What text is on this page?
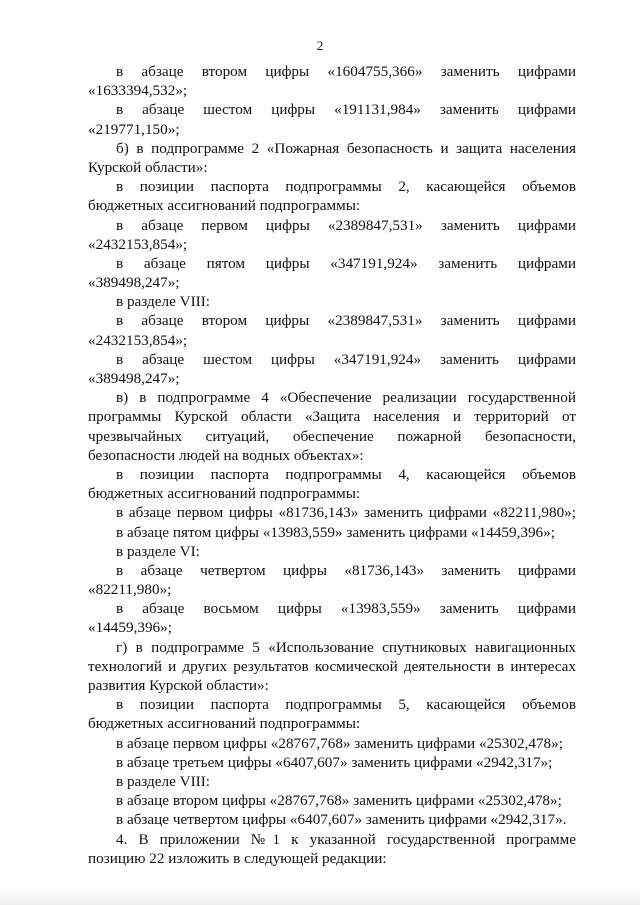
2
в абзаце втором цифры «1604755,366» заменить цифрами
«1633394,532»;
в абзаце шестом цифры «191131,984» заменить цифрами
«219771,150»;
б) в подпрограмме 2 «Пожарная безопасность и защита населения
Курской области»:
в позиции паспорта подпрограммы 2, касающейся объемов
бюджетных ассигнований подпрограммы:
в абзаце первом цифры «2389847,531» заменить цифрами
«2432153,854»;
в абзаце пятом цифры «347191,924» заменить цифрами
«389498,247»;
в разделе VIII:
в абзаце втором цифры «2389847,531» заменить цифрами
«2432153,854»;
в абзаце шестом цифры «347191,924» заменить цифрами
«389498,247»;
в) в подпрограмме 4 «Обеспечение реализации государственной
программы Курской области «Защита населения и территорий от
чрезвычайных ситуаций, обеспечение пожарной безопасности,
безопасности людей на водных объектах»:
в позиции паспорта подпрограммы 4, касающейся объемов
бюджетных ассигнований подпрограммы:
в абзаце первом цифры «81736,143» заменить цифрами «82211,980»;
в абзаце пятом цифры «13983,559» заменить цифрами «14459,396»;
в разделе VI:
в абзаце четвертом цифры «81736,143» заменить цифрами
«82211,980»;
в абзаце восьмом цифры «13983,559» заменить цифрами
«14459,396»;
г) в подпрограмме 5 «Использование спутниковых навигационных
технологий и других результатов космической деятельности в интересах
развития Курской области»:
в позиции паспорта подпрограммы 5, касающейся объемов
бюджетных ассигнований подпрограммы:
в абзаце первом цифры «28767,768» заменить цифрами «25302,478»;
в абзаце третьем цифры «6407,607» заменить цифрами «2942,317»;
в разделе VIII:
в абзаце втором цифры «28767,768» заменить цифрами «25302,478»;
в абзаце четвертом цифры «6407,607» заменить цифрами «2942,317».
4. В приложении №1 к указанной государственной программе
позицию 22 изложить в следующей редакции:
